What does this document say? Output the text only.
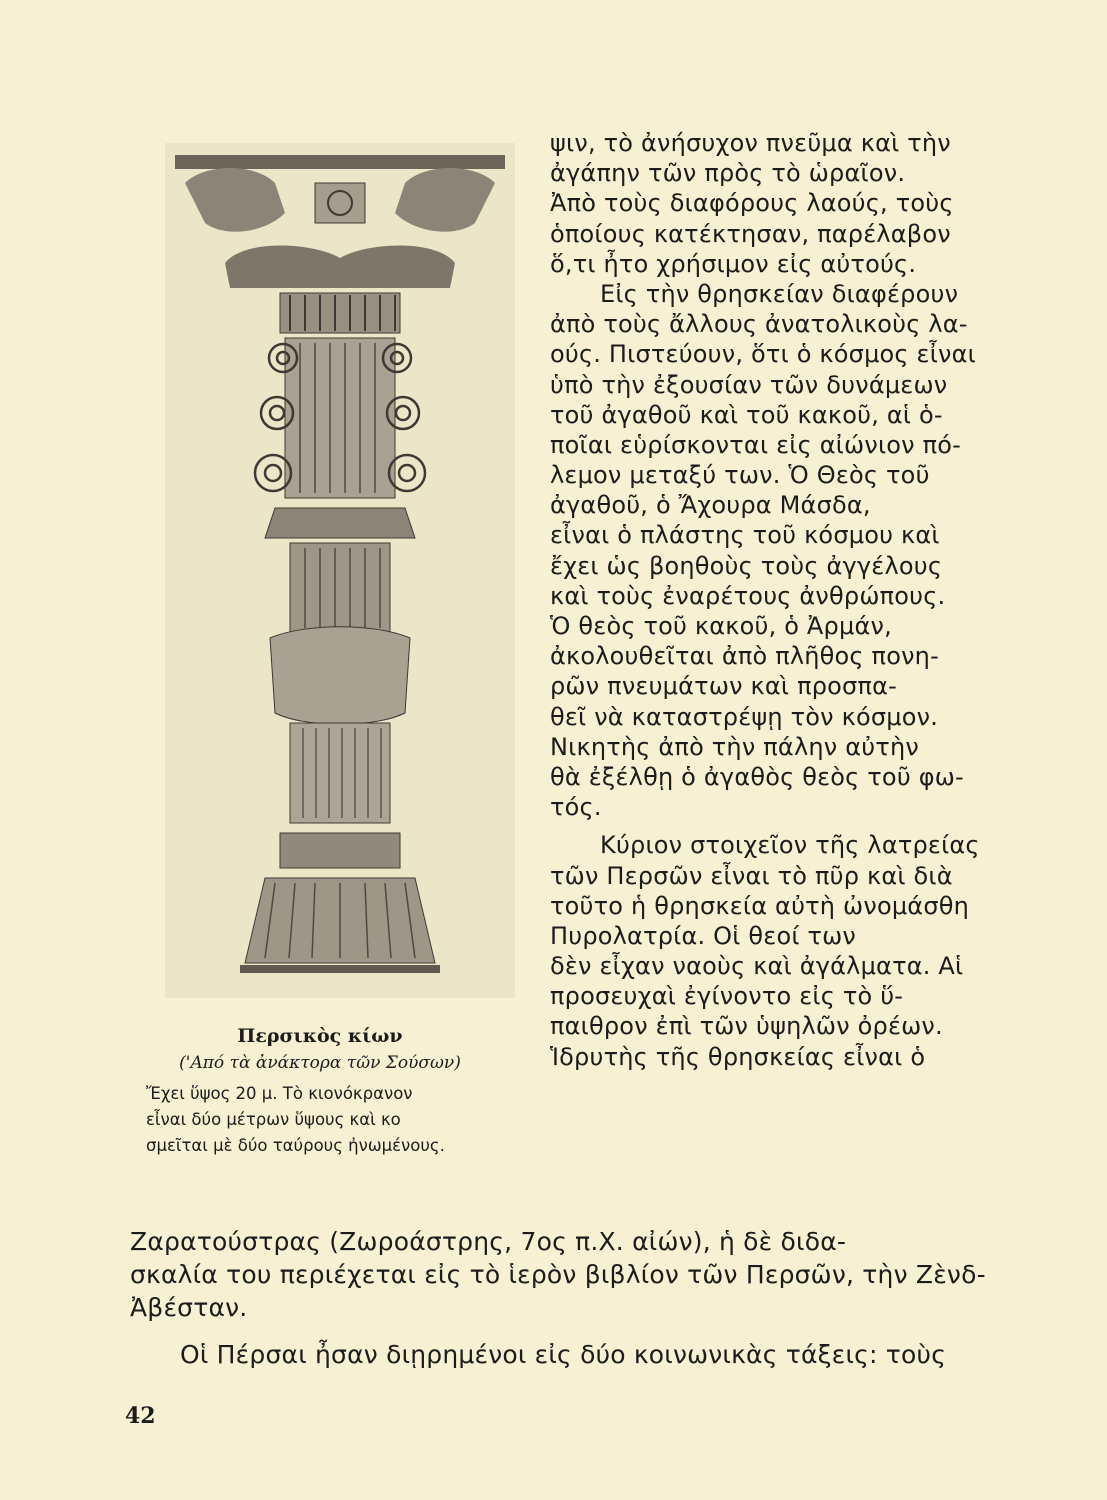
Περσικὸς κίων

('Από τὰ ἀνάκτορα τῶν Σούσων)

Ἔχει ὕψος 20 μ. Τὸ κιονόκρανον
εἶναι δύο μέτρων ὕψους καὶ κο
σμεῖται μὲ δύο ταύρους ἠνωμένους.

ψιν, τὸ ἀνήσυχον πνεῦμα καὶ τὴν
ἀγάπην τῶν πρὸς τὸ ὡραῖον.
Ἀπὸ τοὺς διαφόρους λαούς, τοὺς
ὁποίους κατέκτησαν, παρέλαβον
ὅ,τι ἦτο χρήσιμον εἰς αὐτούς.
Εἰς τὴν θρησκείαν διαφέρουν
ἀπὸ τοὺς ἄλλους ἀνατολικοὺς λα-
ούς. Πιστεύουν, ὅτι ὁ κόσμος εἶναι
ὑπὸ τὴν ἐξουσίαν τῶν δυνάμεων
τοῦ ἀγαθοῦ καὶ τοῦ κακοῦ, αἱ ὁ-
ποῖαι εὑρίσκονται εἰς αἰώνιον πό-
λεμον μεταξύ των. Ὁ Θεὸς τοῦ
ἀγαθοῦ, ὁ Ἄχουρα Μάσδα,
εἶναι ὁ πλάστης τοῦ κόσμου καὶ
ἔχει ὡς βοηθοὺς τοὺς ἀγγέλους
καὶ τοὺς ἐναρέτους ἀνθρώπους.
Ὁ θεὸς τοῦ κακοῦ, ὁ Ἀρμάν,
ἀκολουθεῖται ἀπὸ πλῆθος πονη-
ρῶν πνευμάτων καὶ προσπα-
θεῖ νὰ καταστρέψῃ τὸν κόσμον.
Νικητὴς ἀπὸ τὴν πάλην αὐτὴν
θὰ ἐξέλθῃ ὁ ἀγαθὸς θεὸς τοῦ φω-
τός.
Κύριον στοιχεῖον τῆς λατρείας
τῶν Περσῶν εἶναι τὸ πῦρ καὶ διὰ
τοῦτο ἡ θρησκεία αὐτὴ ὠνομάσθη
Πυρολατρία. Οἱ θεοί των
δὲν εἶχαν ναοὺς καὶ ἀγάλματα. Αἱ
προσευχαὶ ἐγίνοντο εἰς τὸ ὕ-
παιθρον ἐπὶ τῶν ὑψηλῶν ὀρέων.
Ἱδρυτὴς τῆς θρησκείας εἶναι ὁ
Ζαρατούστρας (Ζωροάστρης, 7ος π.Χ. αἰών), ἡ δὲ διδα-
σκαλία του περιέχεται εἰς τὸ ἱερὸν βιβλίον τῶν Περσῶν, τὴν Ζὲνδ-
Ἀβέσταν.
Οἱ Πέρσαι ἦσαν διῃρημένοι εἰς δύο κοινωνικὰς τάξεις: τοὺς
42
